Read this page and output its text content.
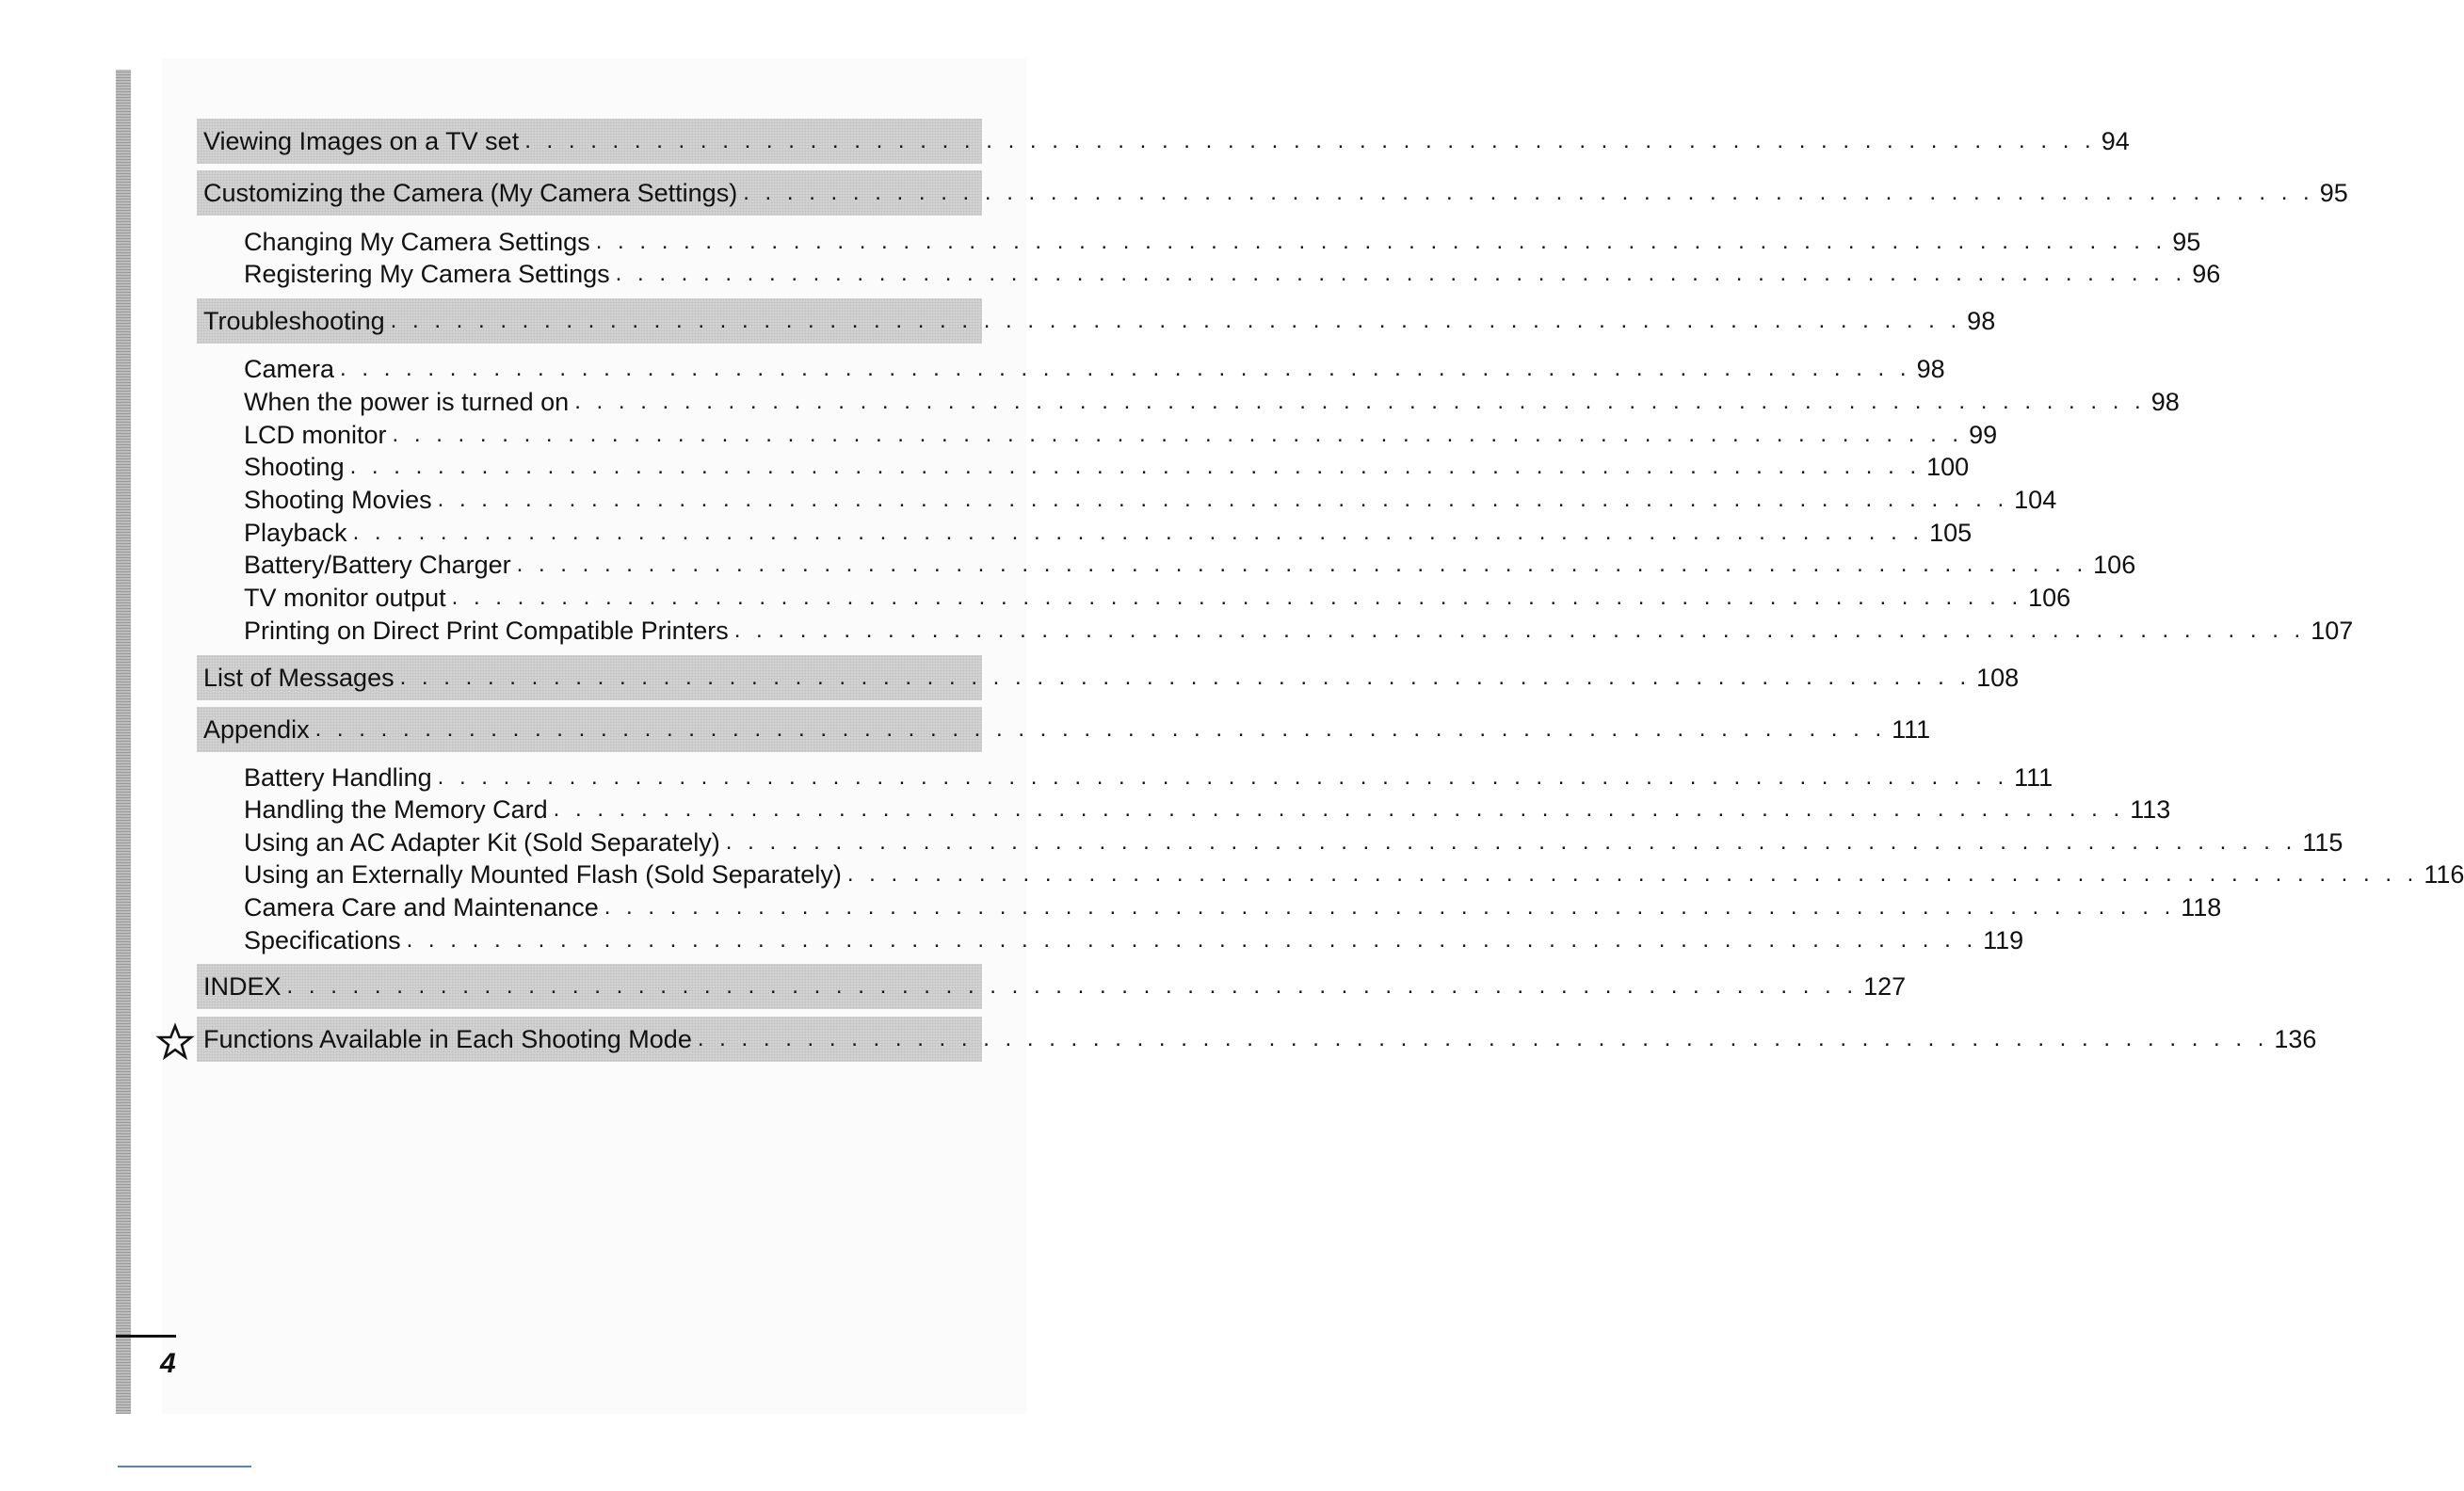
Viewing Images on a TV set . . . . . . . . . . . . . . . . . . . . . . . . . . . . . . . . . . . . . . . . . . . . . . . . . . . . . . . . . . . . . . . . . . . . . . . . 94
Customizing the Camera (My Camera Settings) . . . . . . . . . . . . . . . . . . . . . . . . . . . . . . . . . . . . . . . . . . . . . . . . . . . . . . . . . . . . . . . . . . . . . . . . 95
Changing My Camera Settings . . . . . . . . . . . . . . . . . . . . . . . . . . . . . . . . . . . . . . . . . . . . . . . . . . . . . . . . . . . . . . . . . . . . . . . . 95
Registering My Camera Settings . . . . . . . . . . . . . . . . . . . . . . . . . . . . . . . . . . . . . . . . . . . . . . . . . . . . . . . . . . . . . . . . . . . . . . . . 96
Troubleshooting . . . . . . . . . . . . . . . . . . . . . . . . . . . . . . . . . . . . . . . . . . . . . . . . . . . . . . . . . . . . . . . . . . . . . . . . 98
Camera . . . . . . . . . . . . . . . . . . . . . . . . . . . . . . . . . . . . . . . . . . . . . . . . . . . . . . . . . . . . . . . . . . . . . . . . 98
When the power is turned on . . . . . . . . . . . . . . . . . . . . . . . . . . . . . . . . . . . . . . . . . . . . . . . . . . . . . . . . . . . . . . . . . . . . . . . . 98
LCD monitor . . . . . . . . . . . . . . . . . . . . . . . . . . . . . . . . . . . . . . . . . . . . . . . . . . . . . . . . . . . . . . . . . . . . . . . . 99
Shooting . . . . . . . . . . . . . . . . . . . . . . . . . . . . . . . . . . . . . . . . . . . . . . . . . . . . . . . . . . . . . . . . . . . . . . . . 100
Shooting Movies . . . . . . . . . . . . . . . . . . . . . . . . . . . . . . . . . . . . . . . . . . . . . . . . . . . . . . . . . . . . . . . . . . . . . . . . 104
Playback . . . . . . . . . . . . . . . . . . . . . . . . . . . . . . . . . . . . . . . . . . . . . . . . . . . . . . . . . . . . . . . . . . . . . . . . 105
Battery/Battery Charger . . . . . . . . . . . . . . . . . . . . . . . . . . . . . . . . . . . . . . . . . . . . . . . . . . . . . . . . . . . . . . . . . . . . . . . . 106
TV monitor output . . . . . . . . . . . . . . . . . . . . . . . . . . . . . . . . . . . . . . . . . . . . . . . . . . . . . . . . . . . . . . . . . . . . . . . . 106
Printing on Direct Print Compatible Printers . . . . . . . . . . . . . . . . . . . . . . . . . . . . . . . . . . . . . . . . . . . . . . . . . . . . . . . . . . . . . . . . . . . . . . . . 107
List of Messages . . . . . . . . . . . . . . . . . . . . . . . . . . . . . . . . . . . . . . . . . . . . . . . . . . . . . . . . . . . . . . . . . . . . . . . . 108
Appendix . . . . . . . . . . . . . . . . . . . . . . . . . . . . . . . . . . . . . . . . . . . . . . . . . . . . . . . . . . . . . . . . . . . . . . . . 111
Battery Handling . . . . . . . . . . . . . . . . . . . . . . . . . . . . . . . . . . . . . . . . . . . . . . . . . . . . . . . . . . . . . . . . . . . . . . . . 111
Handling the Memory Card . . . . . . . . . . . . . . . . . . . . . . . . . . . . . . . . . . . . . . . . . . . . . . . . . . . . . . . . . . . . . . . . . . . . . . . . 113
Using an AC Adapter Kit (Sold Separately) . . . . . . . . . . . . . . . . . . . . . . . . . . . . . . . . . . . . . . . . . . . . . . . . . . . . . . . . . . . . . . . . . . . . . . . . 115
Using an Externally Mounted Flash (Sold Separately) . . . . . . . . . . . . . . . . . . . . . . . . . . . . . . . . . . . . . . . . . . . . . . . . . . . . . . . . . . . . . . . . . . . . . . . . 116
Camera Care and Maintenance . . . . . . . . . . . . . . . . . . . . . . . . . . . . . . . . . . . . . . . . . . . . . . . . . . . . . . . . . . . . . . . . . . . . . . . . 118
Specifications . . . . . . . . . . . . . . . . . . . . . . . . . . . . . . . . . . . . . . . . . . . . . . . . . . . . . . . . . . . . . . . . . . . . . . . . 119
INDEX . . . . . . . . . . . . . . . . . . . . . . . . . . . . . . . . . . . . . . . . . . . . . . . . . . . . . . . . . . . . . . . . . . . . . . . . 127
Functions Available in Each Shooting Mode . . . . . . . . . . . . . . . . . . . . . . . . . . . . . . . . . . . . . . . . . . . . . . . . . . . . . . . . . . . . . . . . . . . . . . . . 136
4
